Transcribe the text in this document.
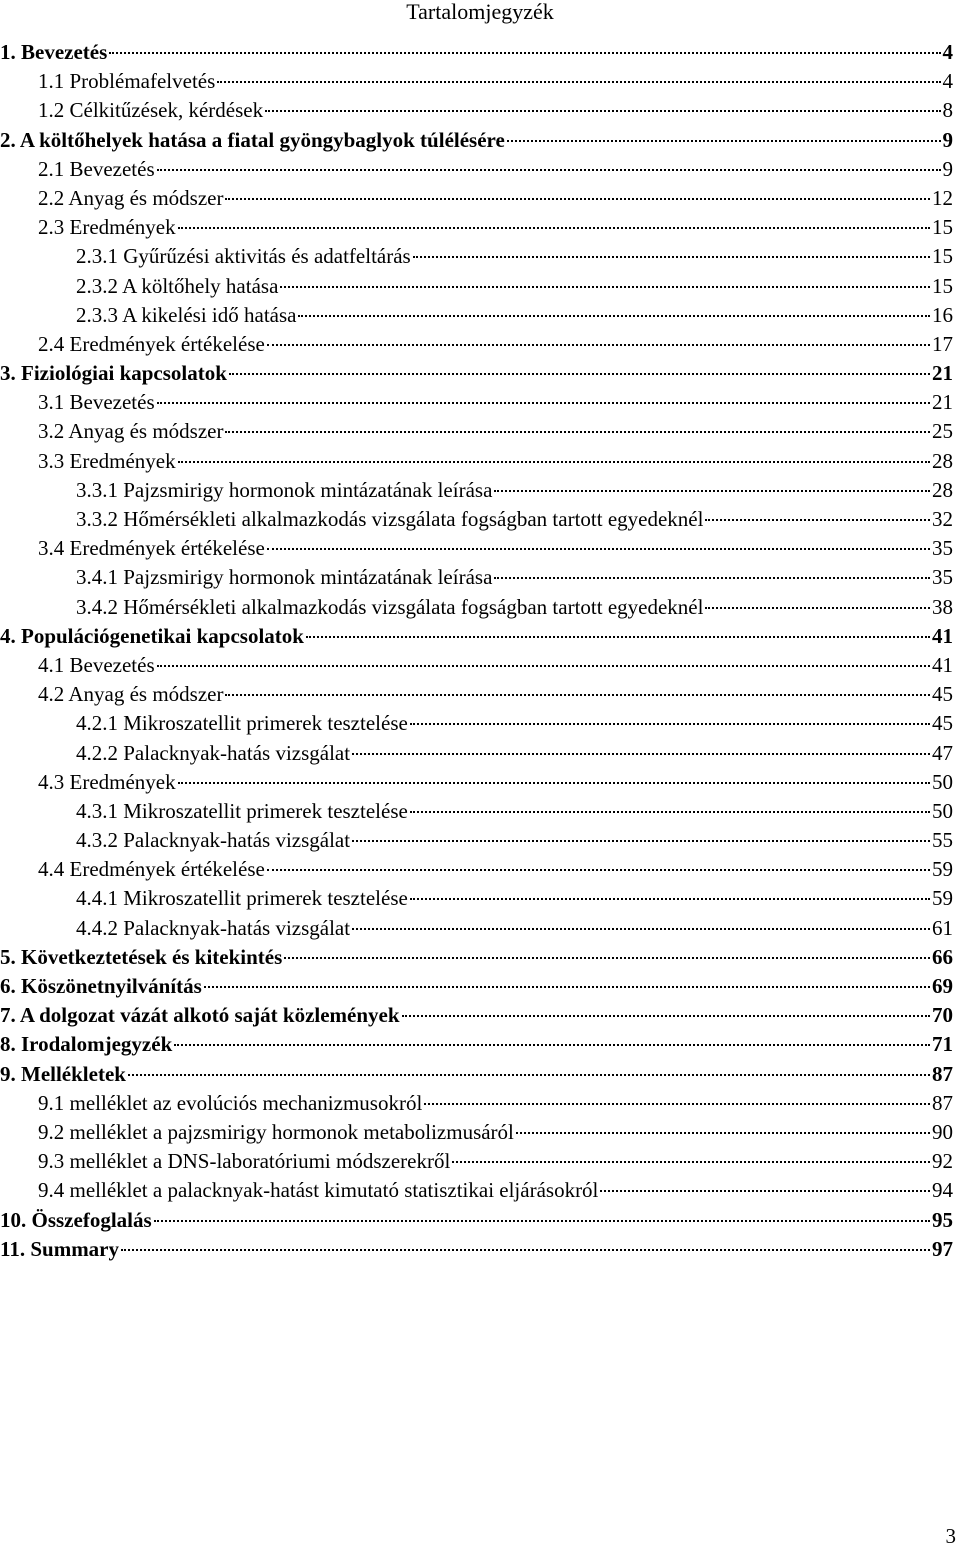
Tartalomjegyzék
1. Bevezetés	4
1.1 Problémafelvetés	4
1.2 Célkitűzések, kérdések	8
2. A költőhelyek hatása a fiatal gyöngybaglyok túlélésére	9
2.1 Bevezetés	9
2.2 Anyag és módszer	12
2.3 Eredmények	15
2.3.1 Gyűrűzési aktivitás és adatfeltárás	15
2.3.2 A költőhely hatása	15
2.3.3 A kikelési idő hatása	16
2.4 Eredmények értékelése	17
3. Fiziológiai kapcsolatok	21
3.1 Bevezetés	21
3.2 Anyag és módszer	25
3.3 Eredmények	28
3.3.1 Pajzsmirigy hormonok mintázatának leírása	28
3.3.2 Hőmérsékleti alkalmazkodás vizsgálata fogságban tartott egyedeknél	32
3.4 Eredmények értékelése	35
3.4.1 Pajzsmirigy hormonok mintázatának leírása	35
3.4.2 Hőmérsékleti alkalmazkodás vizsgálata fogságban tartott egyedeknél	38
4. Populációgenetikai kapcsolatok	41
4.1 Bevezetés	41
4.2 Anyag és módszer	45
4.2.1 Mikroszatellit primerek tesztelése	45
4.2.2 Palacknyak-hatás vizsgálat	47
4.3 Eredmények	50
4.3.1 Mikroszatellit primerek tesztelése	50
4.3.2 Palacknyak-hatás vizsgálat	55
4.4 Eredmények értékelése	59
4.4.1 Mikroszatellit primerek tesztelése	59
4.4.2 Palacknyak-hatás vizsgálat	61
5. Következtetések és kitekintés	66
6. Köszönetnyilvánítás	69
7. A dolgozat vázát alkotó saját közlemények	70
8. Irodalomjegyzék	71
9. Mellékletek	87
9.1 melléklet az evolúciós mechanizmusokról	87
9.2 melléklet a pajzsmirigy hormonok metabolizmusáról	90
9.3 melléklet a DNS-laboratóriumi módszerekről	92
9.4 melléklet a palacknyak-hatást kimutató statisztikai eljárásokról	94
10. Összefoglalás	95
11. Summary	97
3
